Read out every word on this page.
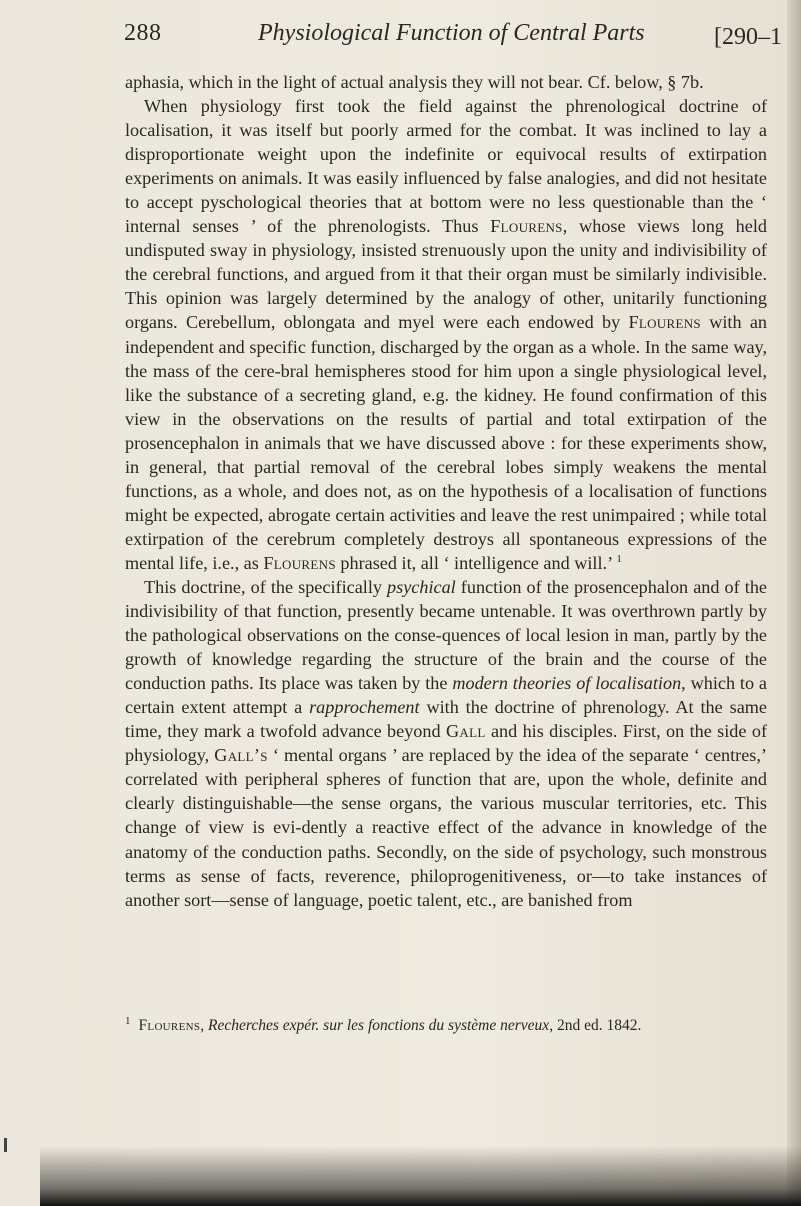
288	Physiological Function of Central Parts	[290–1

aphasia, which in the light of actual analysis they will not bear. Cf. below, § 7b.

When physiology first took the field against the phrenological doctrine of localisation, it was itself but poorly armed for the combat. It was inclined to lay a disproportionate weight upon the indefinite or equivocal results of extirpation experiments on animals. It was easily influenced by false analogies, and did not hesitate to accept pyschological theories that at bottom were no less questionable than the ‘ internal senses ’ of the phrenologists. Thus Flourens, whose views long held undisputed sway in physiology, insisted strenuously upon the unity and indivisibility of the cerebral functions, and argued from it that their organ must be similarly indivisible. This opinion was largely determined by the analogy of other, unitarily functioning organs. Cerebellum, oblongata and myel were each endowed by Flourens with an independent and specific function, discharged by the organ as a whole. In the same way, the mass of the cere-bral hemispheres stood for him upon a single physiological level, like the substance of a secreting gland, e.g. the kidney. He found confirmation of this view in the observations on the results of partial and total extirpation of the prosencephalon in animals that we have discussed above : for these experiments show, in general, that partial removal of the cerebral lobes simply weakens the mental functions, as a whole, and does not, as on the hypothesis of a localisation of functions might be expected, abrogate certain activities and leave the rest unimpaired ; while total extirpation of the cerebrum completely destroys all spontaneous expressions of the mental life, i.e., as Flourens phrased it, all ‘ intelligence and will.’ $^1$

This doctrine, of the specifically psychical function of the prosencephalon and of the indivisibility of that function, presently became untenable. It was overthrown partly by the pathological observations on the conse-quences of local lesion in man, partly by the growth of knowledge regarding the structure of the brain and the course of the conduction paths. Its place was taken by the modern theories of localisation, which to a certain extent attempt a rapprochement with the doctrine of phrenology. At the same time, they mark a twofold advance beyond Gall and his disciples. First, on the side of physiology, Gall’s ‘ mental organs ’ are replaced by the idea of the separate ‘ centres,’ correlated with peripheral spheres of function that are, upon the whole, definite and clearly distinguishable—the sense organs, the various muscular territories, etc. This change of view is evi-dently a reactive effect of the advance in knowledge of the anatomy of the conduction paths. Secondly, on the side of psychology, such monstrous terms as sense of facts, reverence, philoprogenitiveness, or—to take instances of another sort—sense of language, poetic talent, etc., are banished from

$^1$ Flourens, Recherches expér. sur les fonctions du système nerveux, 2nd ed. 1842.
